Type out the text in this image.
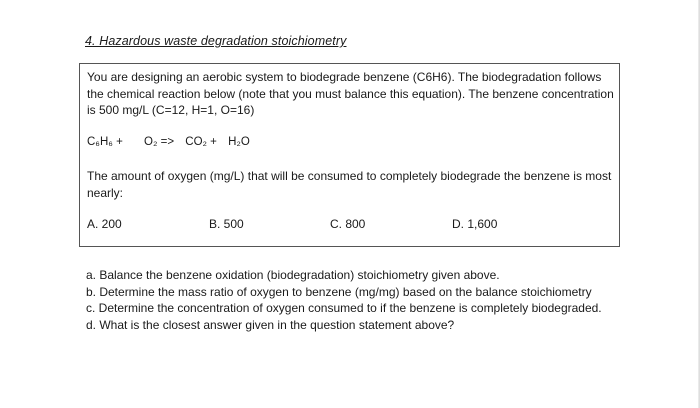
4. Hazardous waste degradation stoichiometry

You are designing an aerobic system to biodegrade benzene (C6H6). The biodegradation follows the chemical reaction below (note that you must balance this equation). The benzene concentration is 500 mg/L (C=12, H=1, O=16)

C₆H₆ + O₂ => CO₂ + H₂O

The amount of oxygen (mg/L) that will be consumed to completely biodegrade the benzene is most nearly:

A. 200	B. 500	C. 800	D. 1,600
a. Balance the benzene oxidation (biodegradation) stoichiometry given above.
b. Determine the mass ratio of oxygen to benzene (mg/mg) based on the balance stoichiometry
c. Determine the concentration of oxygen consumed to if the benzene is completely biodegraded.
d. What is the closest answer given in the question statement above?
